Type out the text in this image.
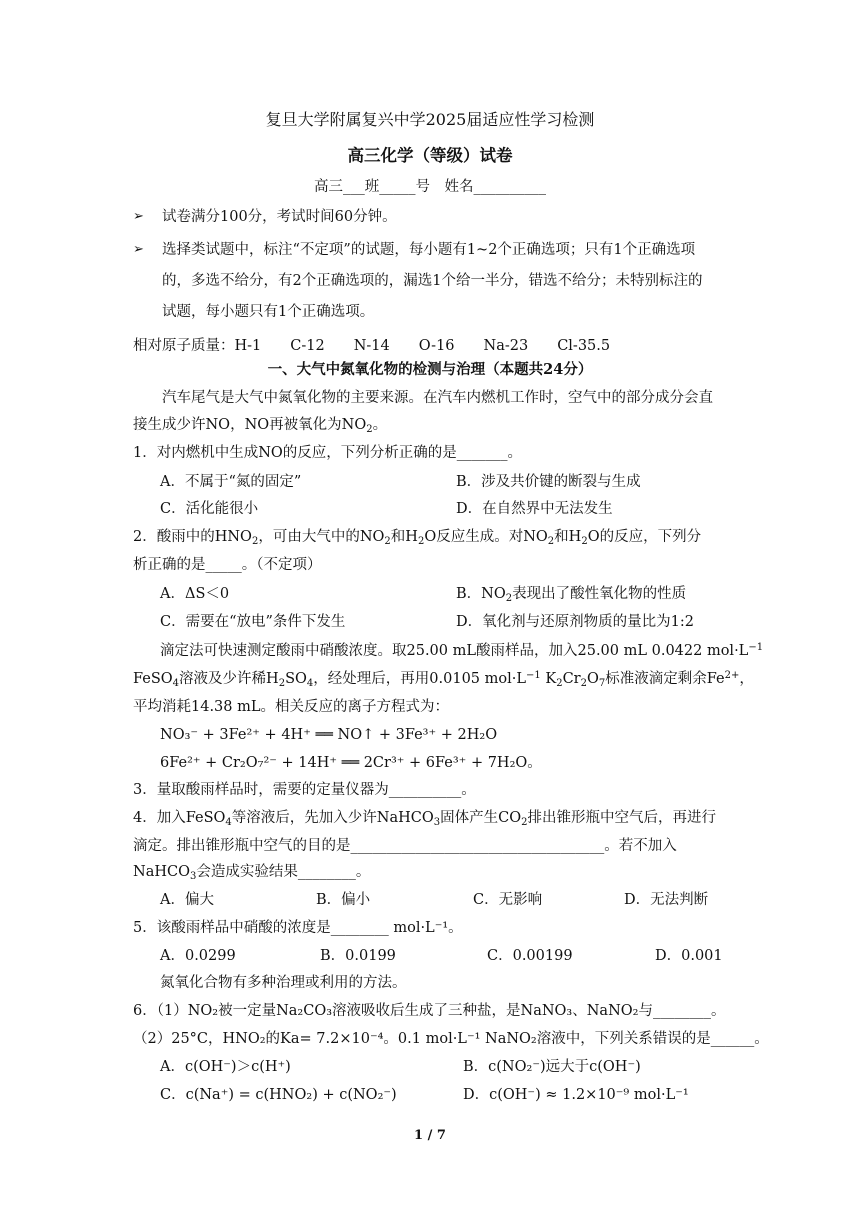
复旦大学附属复兴中学2025届适应性学习检测
高三化学（等级）试卷
高三___班_____号　姓名__________
➢ 试卷满分100分，考试时间60分钟。
➢ 选择类试题中，标注“不定项”的试题，每小题有1~2个正确选项；只有1个正确选项
的，多选不给分，有2个正确选项的，漏选1个给一半分，错选不给分；未特别标注的
试题，每小题只有1个正确选项。
相对原子质量：H-1　　C-12　　N-14　　O-16　　Na-23　　Cl-35.5
一、大气中氮氧化物的检测与治理（本题共24分）
汽车尾气是大气中氮氧化物的主要来源。在汽车内燃机工作时，空气中的部分成分会直
接生成少许NO，NO再被氧化为$NO_2$。
1．对内燃机中生成NO的反应，下列分析正确的是_______。
A．不属于“氮的固定”	B．涉及共价键的断裂与生成
C．活化能很小	D．在自然界中无法发生
2．酸雨中的$HNO_2$，可由大气中的$NO_2$和$H_2O$反应生成。对$NO_2$和$H_2O$的反应，下列分
析正确的是_____。（不定项）
A．ΔS＜0	B．$NO_2$表现出了酸性氧化物的性质
C．需要在“放电”条件下发生	D．氧化剂与还原剂物质的量比为1:2
滴定法可快速测定酸雨中硝酸浓度。取25.00 mL酸雨样品，加入25.00 mL 0.0422 $mol\cdot L^{-1}$
FeSO$_4$溶液及少许稀$H_2SO_4$，经处理后，再用0.0105 $mol\cdot L^{-1}$ $K_2Cr_2O_7$标准液滴定剩余$Fe^{2+}$，
平均消耗14.38 mL。相关反应的离子方程式为：
NO₃⁻ + 3Fe²⁺ + 4H⁺ ══ NO↑ + 3Fe³⁺ + 2H₂O
6Fe²⁺ + Cr₂O₇²⁻ + 14H⁺ ══ 2Cr³⁺ + 6Fe³⁺ + 7H₂O。
3．量取酸雨样品时，需要的定量仪器为__________。
4．加入FeSO$_4$等溶液后，先加入少许NaHCO$_3$固体产生$CO_2$排出锥形瓶中空气后，再进行
滴定。排出锥形瓶中空气的目的是___________________________________。若不加入
NaHCO$_3$会造成实验结果________。
A．偏大	B．偏小	C．无影响	D．无法判断
5．该酸雨样品中硝酸的浓度是________ mol·L⁻¹。
A．0.0299	B．0.0199	C．0.00199	D．0.001
氮氧化合物有多种治理或利用的方法。
6．（1）NO₂被一定量Na₂CO₃溶液吸收后生成了三种盐，是NaNO₃、NaNO₂与________。
（2）25°C，HNO₂的Ka= 7.2×10⁻⁴。0.1 mol·L⁻¹ NaNO₂溶液中，下列关系错误的是______。
A．c(OH⁻)＞c(H⁺)	B．c(NO₂⁻)远大于c(OH⁻)
C．c(Na⁺) = c(HNO₂) + c(NO₂⁻)	D．c(OH⁻) ≈ 1.2×10⁻⁹ mol·L⁻¹
1 / 7
